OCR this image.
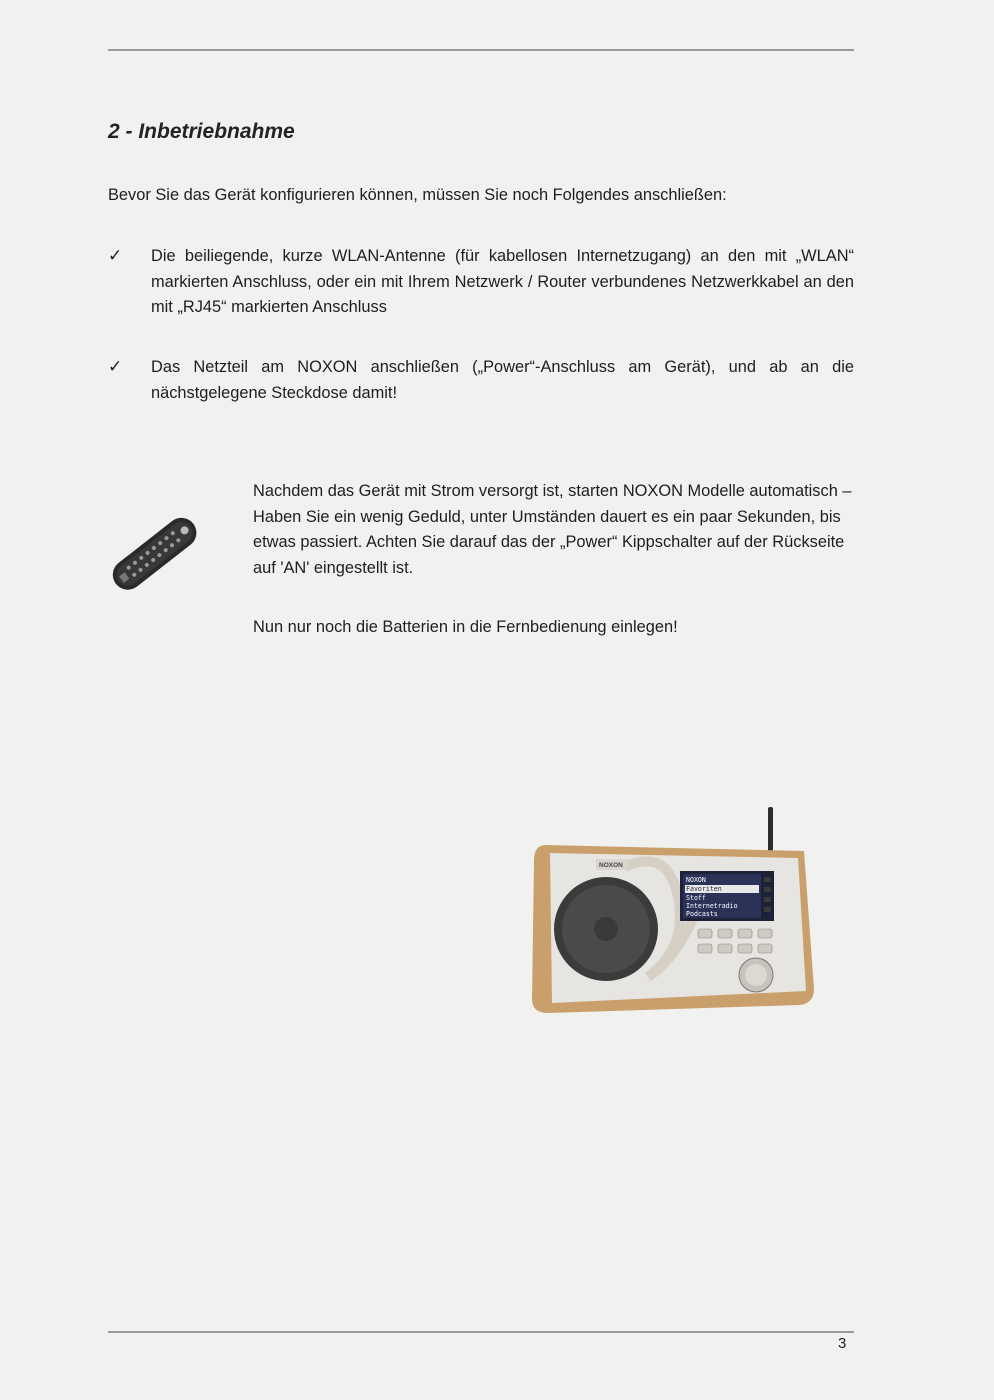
2 - Inbetriebnahme

Bevor Sie das Gerät konfigurieren können, müssen Sie noch Folgendes anschließen:

✓ Die beiliegende, kurze WLAN-Antenne (für kabellosen Internetzugang) an den mit „WLAN“ markierten Anschluss, oder ein mit Ihrem Netzwerk / Router verbundenes Netzwerkkabel an den mit „RJ45“ markierten Anschluss
✓ Das Netzteil am NOXON anschließen („Power“-Anschluss am Gerät), und ab an die nächstgelegene Steckdose damit!

Nachdem das Gerät mit Strom versorgt ist, starten NOXON Modelle automatisch – Haben Sie ein wenig Geduld, unter Umständen dauert es ein paar Sekunden, bis etwas passiert. Achten Sie darauf das der „Power“ Kippschalter auf der Rückseite auf 'AN' eingestellt ist.

Nun nur noch die Batterien in die Fernbedienung einlegen!

NOXON
NOXON
Favoriten
Stoff
Internetradio
Podcasts
3
